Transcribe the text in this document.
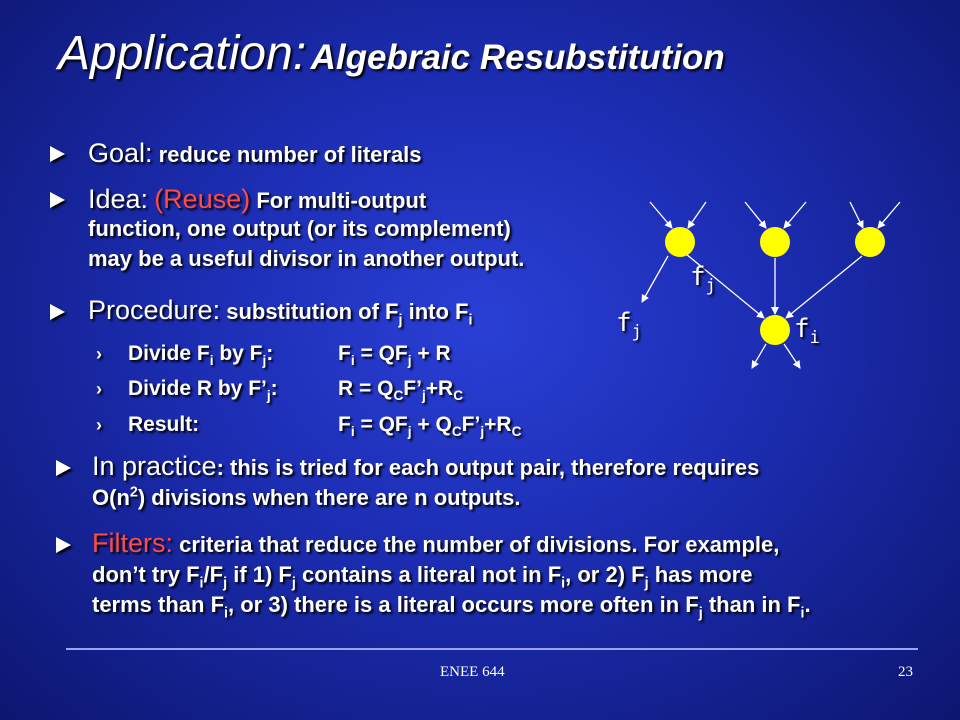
Application: Algebraic Resubstitution
Goal: reduce number of literals
Idea: (Reuse) For multi-output
function, one output (or its complement)
may be a useful divisor in another output.
Procedure: substitution of $F_j$ into $F_i$
› Divide $F_i$ by $F_j$:	$F_i = QF_j + R$
› Divide R by $F’_j$:	$R = Q_CF’_j+R_C$
› Result:	$F_i = QF_j$ + $Q_CF’_j+R_C$
In practice: this is tried for each output pair, therefore requires
$O(n^2)$ divisions when there are n outputs.
Filters: criteria that reduce the number of divisions. For example,
don’t try $F_i/F_j$ if 1) $F_j$ contains a literal not in $F_i$, or 2) $F_j$ has more
terms than $F_i$, or 3) there is a literal occurs more often in $F_j$ than in $F_i$.
$f_j$
$f_j$	$f_i$
ENEE 644	23
